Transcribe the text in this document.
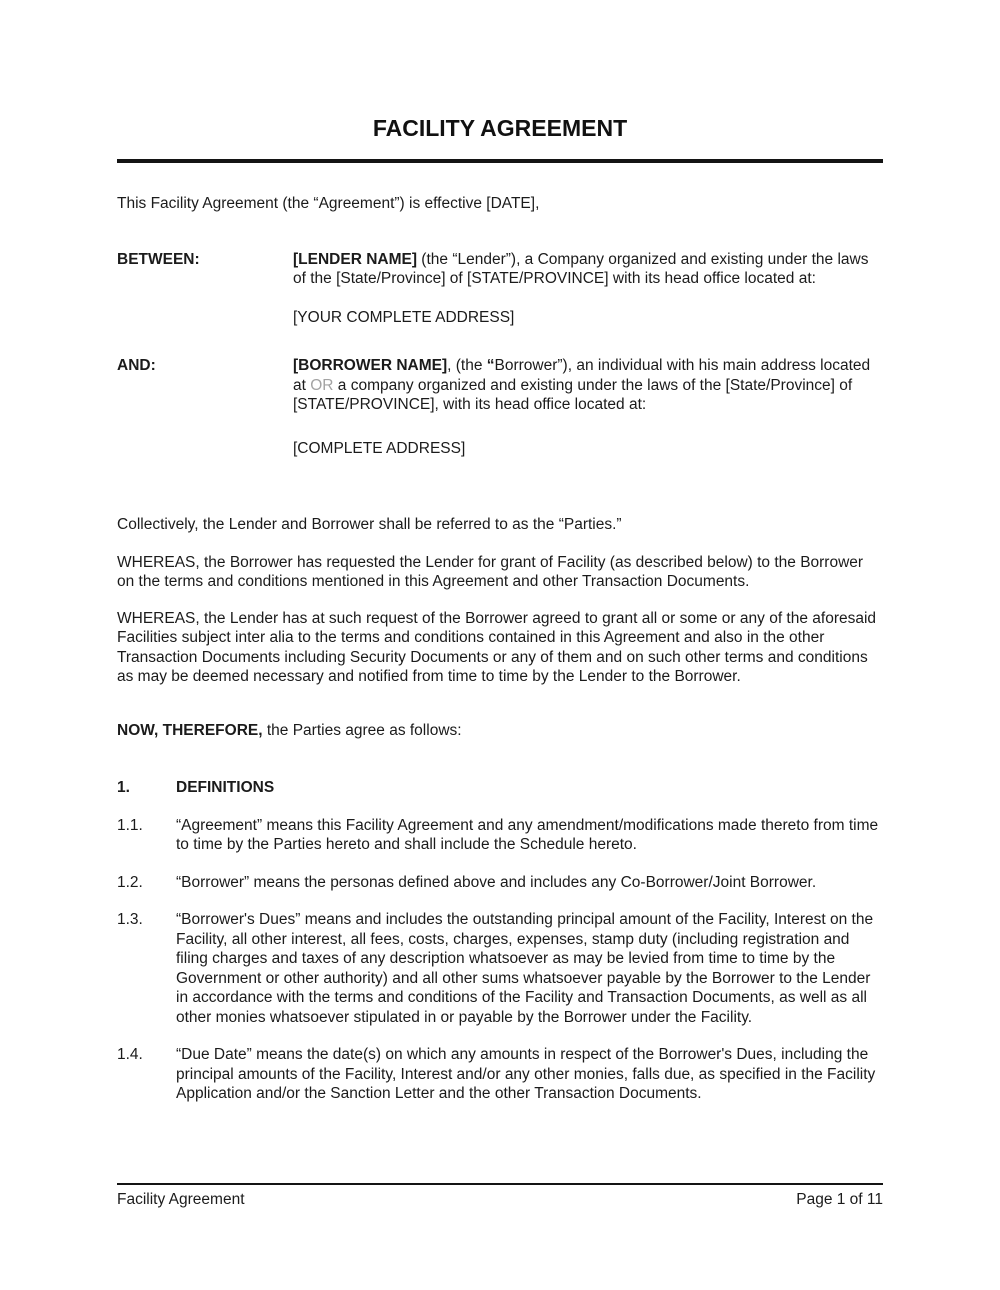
FACILITY AGREEMENT

This Facility Agreement (the “Agreement”) is effective [DATE],

BETWEEN:	[LENDER NAME] (the “Lender”), a Company organized and existing under the laws of the [State/Province] of [STATE/PROVINCE] with its head office located at:

[YOUR COMPLETE ADDRESS]

AND:	[BORROWER NAME], (the “Borrower”), an individual with his main address located at OR a company organized and existing under the laws of the [State/Province] of [STATE/PROVINCE], with its head office located at:

[COMPLETE ADDRESS]

Collectively, the Lender and Borrower shall be referred to as the “Parties.”

WHEREAS, the Borrower has requested the Lender for grant of Facility (as described below) to the Borrower on the terms and conditions mentioned in this Agreement and other Transaction Documents.

WHEREAS, the Lender has at such request of the Borrower agreed to grant all or some or any of the aforesaid Facilities subject inter alia to the terms and conditions contained in this Agreement and also in the other Transaction Documents including Security Documents or any of them and on such other terms and conditions as may be deemed necessary and notified from time to time by the Lender to the Borrower.

NOW, THEREFORE, the Parties agree as follows:

1.	DEFINITIONS
1.1.	“Agreement” means this Facility Agreement and any amendment/modifications made thereto from time to time by the Parties hereto and shall include the Schedule hereto.
1.2.	“Borrower” means the personas defined above and includes any Co-Borrower/Joint Borrower.
1.3.	“Borrower's Dues” means and includes the outstanding principal amount of the Facility, Interest on the Facility, all other interest, all fees, costs, charges, expenses, stamp duty (including registration and filing charges and taxes of any description whatsoever as may be levied from time to time by the Government or other authority) and all other sums whatsoever payable by the Borrower to the Lender in accordance with the terms and conditions of the Facility and Transaction Documents, as well as all other monies whatsoever stipulated in or payable by the Borrower under the Facility.
1.4.	“Due Date” means the date(s) on which any amounts in respect of the Borrower's Dues, including the principal amounts of the Facility, Interest and/or any other monies, falls due, as specified in the Facility Application and/or the Sanction Letter and the other Transaction Documents.
Facility Agreement	Page 1 of 11
